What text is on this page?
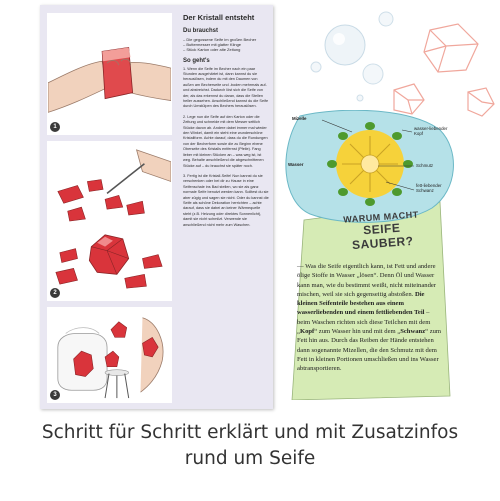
1
2
3
Der Kristall entsteht
Du brauchst
– Die gegossene Seife im großen Becher
– Buttermesser mit glatter Klinge
– Stück Karton oder alte Zeitung
So geht's
1. Wenn die Seife im Becher nach ein paar Stunden ausgehärtet ist, dann kannst du sie herauslösen, indem du mit den Daumen von außen am Becherseite und -boden mehrmals auf- und abstreichst. Dadurch löst sich die Seife von der, als das erkennst du daran, dass die Stellen heller aussehen. Anschließend kannst du die Seife durch Umstülpen des Bechers herauslösen.
2. Lege nun die Seife auf den Karton oder die Zeitung und schneide mit dem Messer seitlich Stücke davon ab. Andere dabei immer mal wieder den Winkel, damit ein steht eine wunderschöne Kristallform. Achte darauf, dass du die Rundungen von der Becherform sowie die zu Beginn ebene Oberseite des Kristalls entfernst (Pfeile). Fang lieber mit kleinen Stücken an – was weg ist, ist weg. Behalte anschließend die abgeschnittenen Stücke auf – du brauchst sie später noch.
3. Fertig ist die Kristall-Seife! Nun kannst du sie verschenken oder bei dir zu Hause in eine Seifenschale ins Bad stellen, wo sie als ganz normale Seife benutzt werden kann. Solltest du sie aber zügig und sagen sie nicht. Oder du kannst die Seife als schöne Dekoration herrichten – achte darauf, dass sie dabei an keiner Wärmequelle steht (z.B. Heizung oder direktes Sonnenlicht), damit sie nicht schmilzt. Verwende sie anschließend nicht mehr zum Waschen.
Mizelle
Wasser
wasser-liebender Kopf
Schmutz
fett-liebender Schwanz
WARUM MACHT
SEIFE SAUBER?
— Was die Seife eigentlich kann, ist Fett und andere ölige Stoffe in Wasser „lösen“. Denn Öl und Wasser kann man, wie du bestimmt weißt, nicht miteinander mischen, weil sie sich gegenseitig abstoßen. Die kleinen Seifenteile bestehen aus einem wasserliebenden und einem fettliebenden Teil – beim Waschen richten sich diese Teilchen mit dem „Kopf“ zum Wasser hin und mit dem „Schwanz“ zum Fett hin aus. Durch das Reiben der Hände entstehen dann sogenannte Mizellen, die den Schmutz mit dem Fett in kleinen Portionen umschließen und ins Wasser abtransportieren.
Schritt für Schritt erklärt und mit Zusatzinfos
rund um Seife
